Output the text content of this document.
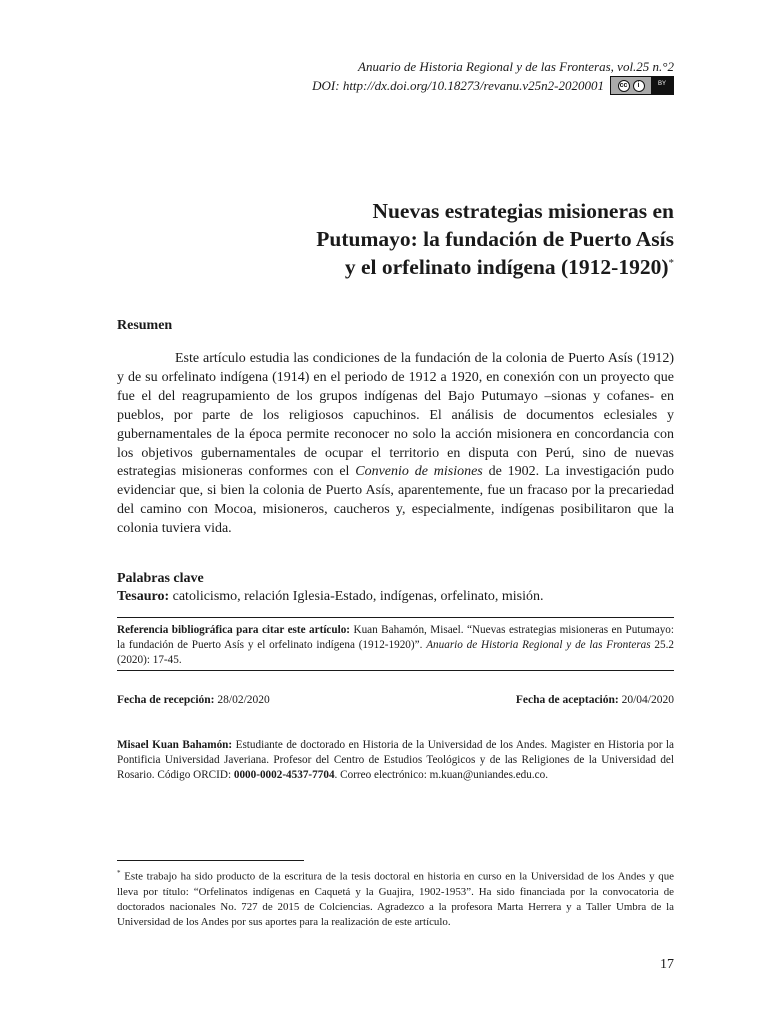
Anuario de Historia Regional y de las Fronteras, vol.25 n.°2
DOI: http://dx.doi.org/10.18273/revanu.v25n2-2020001 cc	i	BY
Nuevas estrategias misioneras en
Putumayo: la fundación de Puerto Asís
y el orfelinato indígena (1912-1920)*
Resumen
Este artículo estudia las condiciones de la fundación de la colonia de Puerto Asís (1912) y de su orfelinato indígena (1914) en el periodo de 1912 a 1920, en conexión con un proyecto que fue el del reagrupamiento de los grupos indígenas del Bajo Putumayo –sionas y cofanes- en pueblos, por parte de los religiosos capuchinos. El análisis de documentos eclesiales y gubernamentales de la época permite reconocer no solo la acción misionera en concordancia con los objetivos gubernamentales de ocupar el territorio en disputa con Perú, sino de nuevas estrategias misioneras conformes con el Convenio de misiones de 1902. La investigación pudo evidenciar que, si bien la colonia de Puerto Asís, aparentemente, fue un fracaso por la precariedad del camino con Mocoa, misioneros, caucheros y, especialmente, indígenas posibilitaron que la colonia tuviera vida.
Palabras clave
Tesauro: catolicismo, relación Iglesia-Estado, indígenas, orfelinato, misión.
Referencia bibliográfica para citar este artículo: Kuan Bahamón, Misael. “Nuevas estrategias misioneras en Putumayo: la fundación de Puerto Asís y el orfelinato indígena (1912-1920)”. Anuario de Historia Regional y de las Fronteras 25.2 (2020): 17-45.
Fecha de recepción: 28/02/2020	Fecha de aceptación: 20/04/2020
Misael Kuan Bahamón: Estudiante de doctorado en Historia de la Universidad de los Andes. Magister en Historia por la Pontificia Universidad Javeriana. Profesor del Centro de Estudios Teológicos y de las Religiones de la Universidad del Rosario. Código ORCID: 0000-0002-4537-7704. Correo electrónico: m.kuan@uniandes.edu.co.
* Este trabajo ha sido producto de la escritura de la tesis doctoral en historia en curso en la Universidad de los Andes y que lleva por título: “Orfelinatos indígenas en Caquetá y la Guajira, 1902-1953”. Ha sido financiada por la convocatoria de doctorados nacionales No. 727 de 2015 de Colciencias. Agradezco a la profesora Marta Herrera y a Taller Umbra de la Universidad de los Andes por sus aportes para la realización de este artículo.
17
